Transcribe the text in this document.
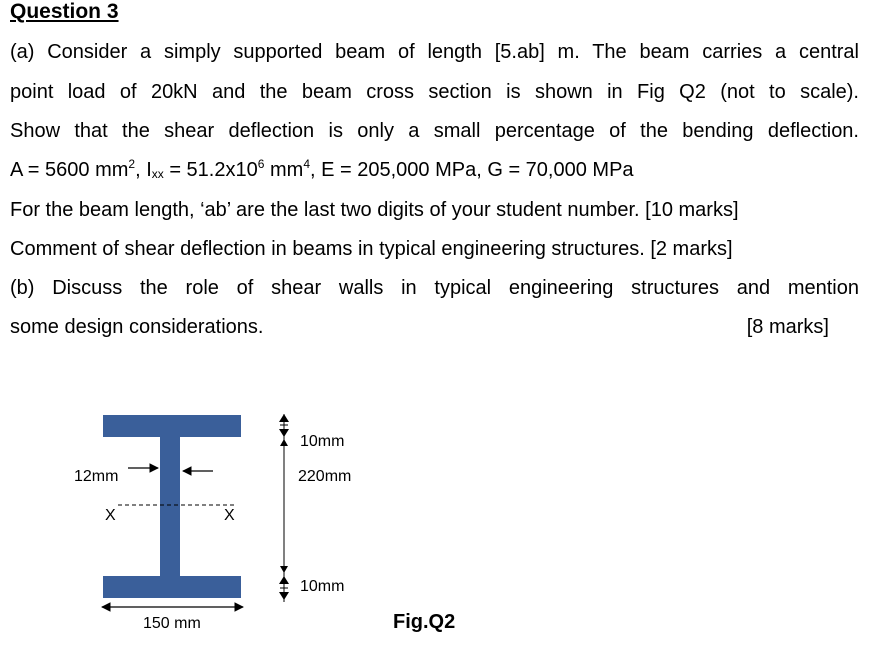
Question 3
(a) Consider a simply supported beam of length [5.ab] m. The beam carries a central
point load of 20kN and the beam cross section is shown in Fig Q2 (not to scale).
Show that the shear deflection is only a small percentage of the bending deflection.
A = 5600 $mm^2$, $I_{xx} = 51.2x10^6$ $mm^4$, E = 205,000 MPa, G = 70,000 MPa
For the beam length, ‘ab’ are the last two digits of your student number. [10 marks]
Comment of shear deflection in beams in typical engineering structures. [2 marks]
(b) Discuss the role of shear walls in typical engineering structures and mention
some design considerations.	[8 marks]
12mm
X	X
150 mm
10mm
220mm
10mm
Fig.Q2
